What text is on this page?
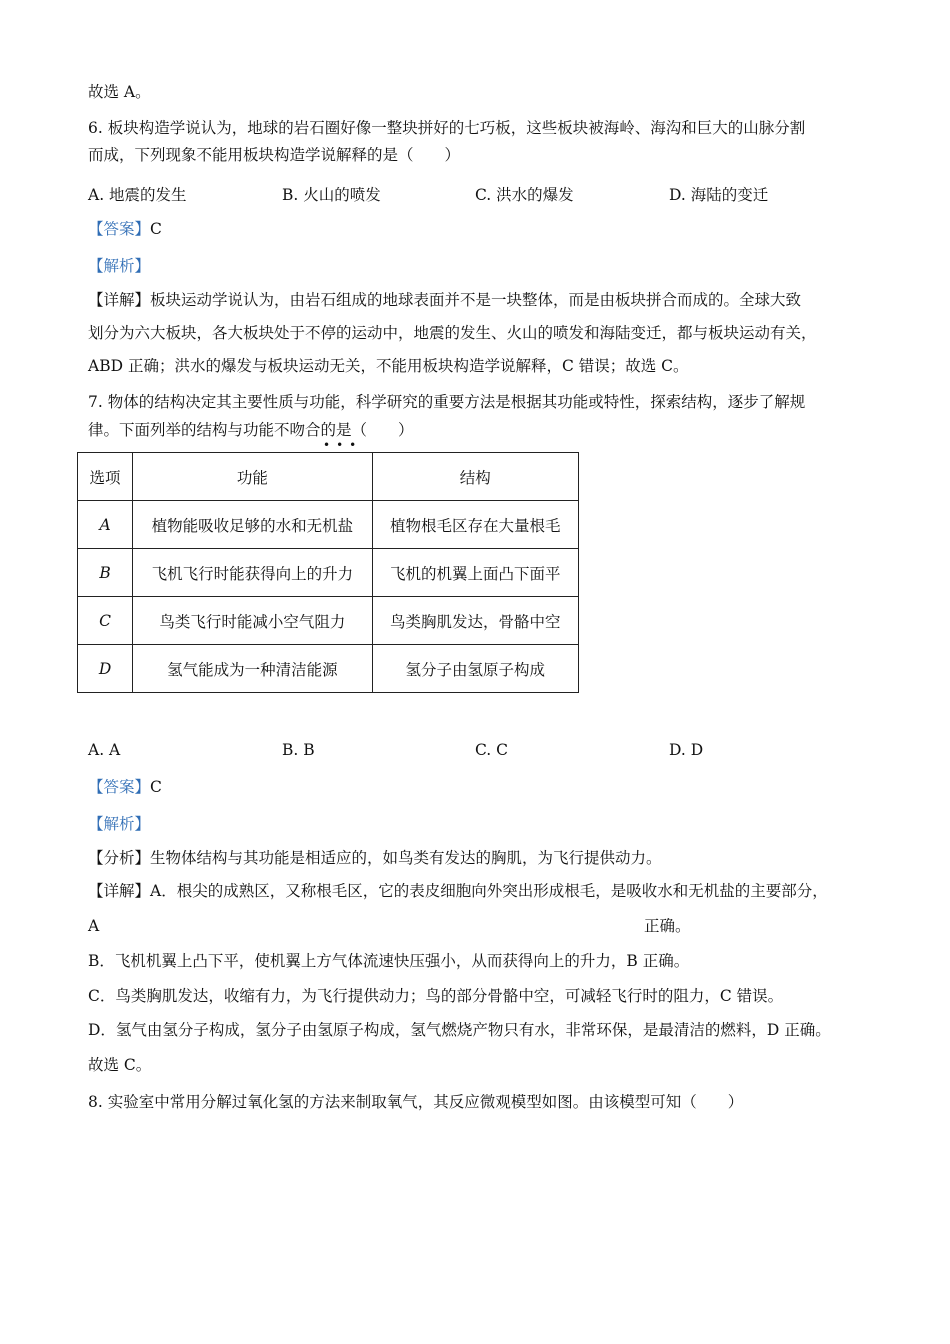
故选 A。
6. 板块构造学说认为，地球的岩石圈好像一整块拼好的七巧板，这些板块被海岭、海沟和巨大的山脉分割
而成，下列现象不能用板块构造学说解释的是（　　）
A. 地震的发生	B. 火山的喷发	C. 洪水的爆发	D. 海陆的变迁
【答案】C
【解析】
【详解】板块运动学说认为，由岩石组成的地球表面并不是一块整体，而是由板块拼合而成的。全球大致
划分为六大板块，各大板块处于不停的运动中，地震的发生、火山的喷发和海陆变迁，都与板块运动有关，
ABD 正确；洪水的爆发与板块运动无关，不能用板块构造学说解释，C 错误；故选 C。
7. 物体的结构决定其主要性质与功能，科学研究的重要方法是根据其功能或特性，探索结构，逐步了解规
律。下面列举的结构与功能不吻合的是（　　）
•••
选项	功能	结构
A	植物能吸收足够的水和无机盐	植物根毛区存在大量根毛
B	飞机飞行时能获得向上的升力	飞机的机翼上面凸下面平
C	鸟类飞行时能减小空气阻力	鸟类胸肌发达，骨骼中空
D	氢气能成为一种清洁能源	氢分子由氢原子构成
A. A	B. B	C. C	D. D
【答案】C
【解析】
【分析】生物体结构与其功能是相适应的，如鸟类有发达的胸肌，为飞行提供动力。
【详解】A．根尖的成熟区，又称根毛区，它的表皮细胞向外突出形成根毛，是吸收水和无机盐的主要部分，
A	正确。
B．飞机机翼上凸下平，使机翼上方气体流速快压强小，从而获得向上的升力，B 正确。
C．鸟类胸肌发达，收缩有力，为飞行提供动力；鸟的部分骨骼中空，可减轻飞行时的阻力，C 错误。
D．氢气由氢分子构成，氢分子由氢原子构成，氢气燃烧产物只有水，非常环保，是最清洁的燃料，D 正确。
故选 C。
8. 实验室中常用分解过氧化氢的方法来制取氧气，其反应微观模型如图。由该模型可知（　　）
